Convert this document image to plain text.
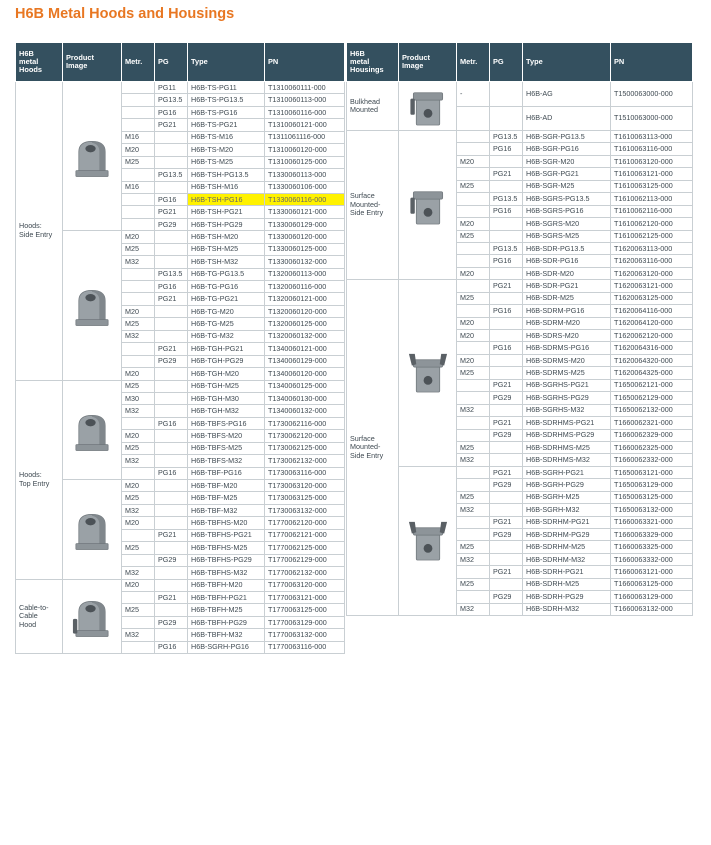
H6B Metal Hoods and Housings
H6B
metal
Hoods	Product
Image	Metr.	PG	Type	PN
Hoods:
Side Entry			PG11	H6B-TS-PG11	T1310060111-000
			PG13.5	H6B-TS-PG13.5	T1310060113-000
			PG16	H6B-TS-PG16	T1310060116-000
			PG21	H6B-TS-PG21	T1310060121-000
		M16		H6B-TS-M16	T1311061116-000
		M20		H6B-TS-M20	T1310060120-000
		M25		H6B-TS-M25	T1310060125-000
			PG13.5	H6B-TSH-PG13.5	T1330060113-000
		M16		H6B-TSH-M16	T1330060106-000
			PG16	H6B-TSH-PG16	T1330060116-000
			PG21	H6B-TSH-PG21	T1330060121-000
			PG29	H6B-TSH-PG29	T1330060129-000

	M20		H6B-TSH-M20	T1330060120-000
		M25		H6B-TSH-M25	T1330060125-000
		M32		H6B-TSH-M32	T1330060132-000
			PG13.5	H6B-TG-PG13.5	T1320060113-000
			PG16	H6B-TG-PG16	T1320060116-000
			PG21	H6B-TG-PG21	T1320060121-000
		M20		H6B-TG-M20	T1320060120-000
		M25		H6B-TG-M25	T1320060125-000
		M32		H6B-TG-M32	T1320060132-000
			PG21	H6B-TGH-PG21	T1340060121-000
			PG29	H6B-TGH-PG29	T1340060129-000
		M20		H6B-TGH-M20	T1340060120-000
Hoods:
Top Entry		M25		H6B-TGH-M25	T1340060125-000
		M30		H6B-TGH-M30	T1340060130-000
		M32		H6B-TGH-M32	T1340060132-000
			PG16	H6B-TBFS-PG16	T1730062116-000
		M20		H6B-TBFS-M20	T1730062120-000
		M25		H6B-TBFS-M25	T1730062125-000
		M32		H6B-TBFS-M32	T1730062132-000
			PG16	H6B-TBF-PG16	T1730063116-000

	M20		H6B-TBF-M20	T1730063120-000
		M25		H6B-TBF-M25	T1730063125-000
		M32		H6B-TBF-M32	T1730063132-000
		M20		H6B-TBFHS-M20	T1770062120-000
			PG21	H6B-TBFHS-PG21	T1770062121-000
		M25		H6B-TBFHS-M25	T1770062125-000
			PG29	H6B-TBFHS-PG29	T1770062129-000
		M32		H6B-TBFHS-M32	T1770062132-000
Cable-to-
Cable
Hood		M20		H6B-TBFH-M20	T1770063120-000
			PG21	H6B-TBFH-PG21	T1770063121-000
		M25		H6B-TBFH-M25	T1770063125-000
			PG29	H6B-TBFH-PG29	T1770063129-000
		M32		H6B-TBFH-M32	T1770063132-000
			PG16	H6B-SGRH-PG16	T1770063116-000
H6B
metal
Housings	Product
Image	Metr.	PG	Type	PN
Bulkhead
Mounted		-		H6B-AG	T1500063000-000
				H6B-AD	T1510063000-000
Surface
Mounted-
Side Entry			PG13.5	H6B-SGR-PG13.5	T1610063113-000
			PG16	H6B-SGR-PG16	T1610063116-000
		M20		H6B-SGR-M20	T1610063120-000
			PG21	H6B-SGR-PG21	T1610063121-000
		M25		H6B-SGR-M25	T1610063125-000
			PG13.5	H6B-SGRS-PG13.5	T1610062113-000
			PG16	H6B-SGRS-PG16	T1610062116-000
		M20		H6B-SGRS-M20	T1610062120-000
		M25		H6B-SGRS-M25	T1610062125-000
			PG13.5	H6B-SDR-PG13.5	T1620063113-000
			PG16	H6B-SDR-PG16	T1620063116-000
		M20		H6B-SDR-M20	T1620063120-000
Surface
Mounted-
Side Entry			PG21	H6B-SDR-PG21	T1620063121-000
		M25		H6B-SDR-M25	T1620063125-000
			PG16	H6B-SDRM-PG16	T1620064116-000
		M20		H6B-SDRM-M20	T1620064120-000
		M20		H6B-SDRS-M20	T1620062120-000
			PG16	H6B-SDRMS-PG16	T1620064316-000
		M20		H6B-SDRMS-M20	T1620064320-000
		M25		H6B-SDRMS-M25	T1620064325-000
			PG21	H6B-SGRHS-PG21	T1650062121-000
			PG29	H6B-SGRHS-PG29	T1650062129-000
		M32		H6B-SGRHS-M32	T1650062132-000
			PG21	H6B-SDRHMS-PG21	T1660062321-000
			PG29	H6B-SDRHMS-PG29	T1660062329-000
		M25		H6B-SDRHMS-M25	T1660062325-000
		M32		H6B-SDRHMS-M32	T1660062332-000

		PG21	H6B-SGRH-PG21	T1650063121-000
			PG29	H6B-SGRH-PG29	T1650063129-000
		M25		H6B-SGRH-M25	T1650063125-000
		M32		H6B-SGRH-M32	T1650063132-000
			PG21	H6B-SDRHM-PG21	T1660063321-000
			PG29	H6B-SDRHM-PG29	T1660063329-000
		M25		H6B-SDRHM-M25	T1660063325-000
		M32		H6B-SDRHM-M32	T1660063332-000
			PG21	H6B-SDRH-PG21	T1660063121-000
		M25		H6B-SDRH-M25	T1660063125-000
			PG29	H6B-SDRH-PG29	T1660063129-000
		M32		H6B-SDRH-M32	T1660063132-000
